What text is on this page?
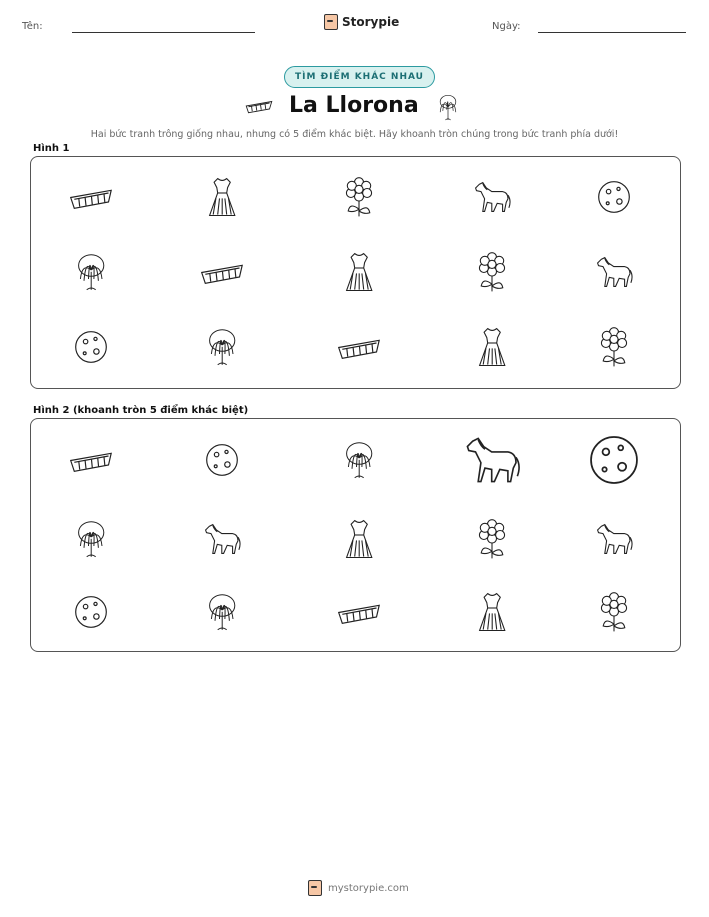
Tên:	Storypie	Ngày:
TÌM ĐIỂM KHÁC NHAU
La Llorona
Hai bức tranh trông giống nhau, nhưng có 5 điểm khác biệt. Hãy khoanh tròn chúng trong bức tranh phía dưới!
Hình 1
Hình 2 (khoanh tròn 5 điểm khác biệt)
mystorypie.com
